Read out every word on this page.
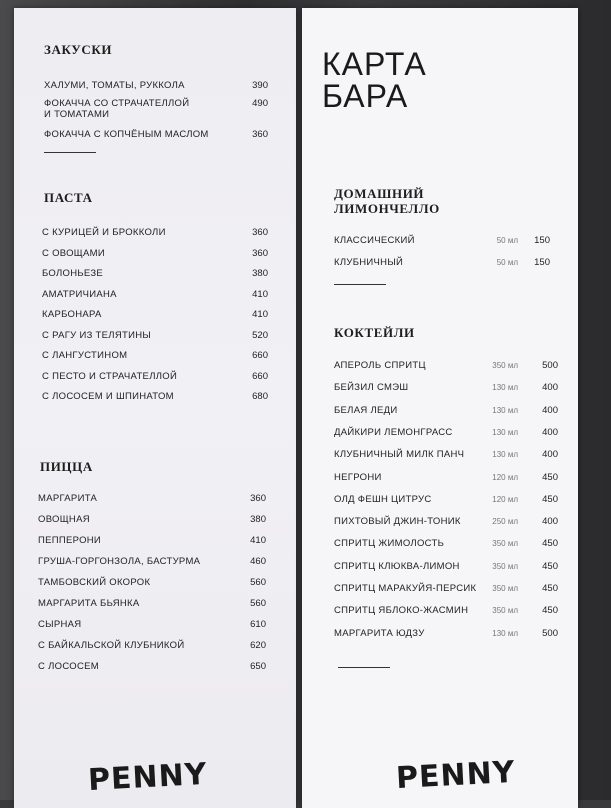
ЗАКУСКИ
ХАЛУМИ, ТОМАТЫ, РУККОЛА	390
ФОКАЧЧА СО СТРАЧАТЕЛЛОЙ
И ТОМАТАМИ
490
ФОКАЧЧА С КОПЧЁНЫМ МАСЛОМ	360
ПАСТА
С КУРИЦЕЙ И БРОККОЛИ	360
С ОВОЩАМИ	360
БОЛОНЬЕЗЕ	380
АМАТРИЧИАНА	410
КАРБОНАРА	410
С РАГУ ИЗ ТЕЛЯТИНЫ	520
С ЛАНГУСТИНОМ	660
С ПЕСТО И СТРАЧАТЕЛЛОЙ	660
С ЛОСОСЕМ И ШПИНАТОМ	680
ПИЦЦА
МАРГАРИТА	360
ОВОЩНАЯ	380
ПЕППЕРОНИ	410
ГРУША-ГОРГОНЗОЛА, БАСТУРМА	460
ТАМБОВСКИЙ ОКОРОК	560
МАРГАРИТА БЬЯНКА	560
СЫРНАЯ	610
С БАЙКАЛЬСКОЙ КЛУБНИКОЙ	620
С ЛОСОСЕМ	650
PENNY
КАРТА
БАРА
ДОМАШНИЙ
ЛИМОНЧЕЛЛО
КЛАССИЧЕСКИЙ	50 мл	150
КЛУБНИЧНЫЙ	50 мл	150
КОКТЕЙЛИ
АПЕРОЛЬ СПРИТЦ	350 мл	500
БЕЙЗИЛ СМЭШ	130 мл	400
БЕЛАЯ ЛЕДИ	130 мл	400
ДАЙКИРИ ЛЕМОНГРАСС	130 мл	400
КЛУБНИЧНЫЙ МИЛК ПАНЧ	130 мл	400
НЕГРОНИ	120 мл	450
ОЛД ФЕШН ЦИТРУС	120 мл	450
ПИХТОВЫЙ ДЖИН-ТОНИК	250 мл	400
СПРИТЦ ЖИМОЛОСТЬ	350 мл	450
СПРИТЦ КЛЮКВА-ЛИМОН	350 мл	450
СПРИТЦ МАРАКУЙЯ-ПЕРСИК	350 мл	450
СПРИТЦ ЯБЛОКО-ЖАСМИН	350 мл	450
МАРГАРИТА ЮДЗУ	130 мл	500
PENNY
